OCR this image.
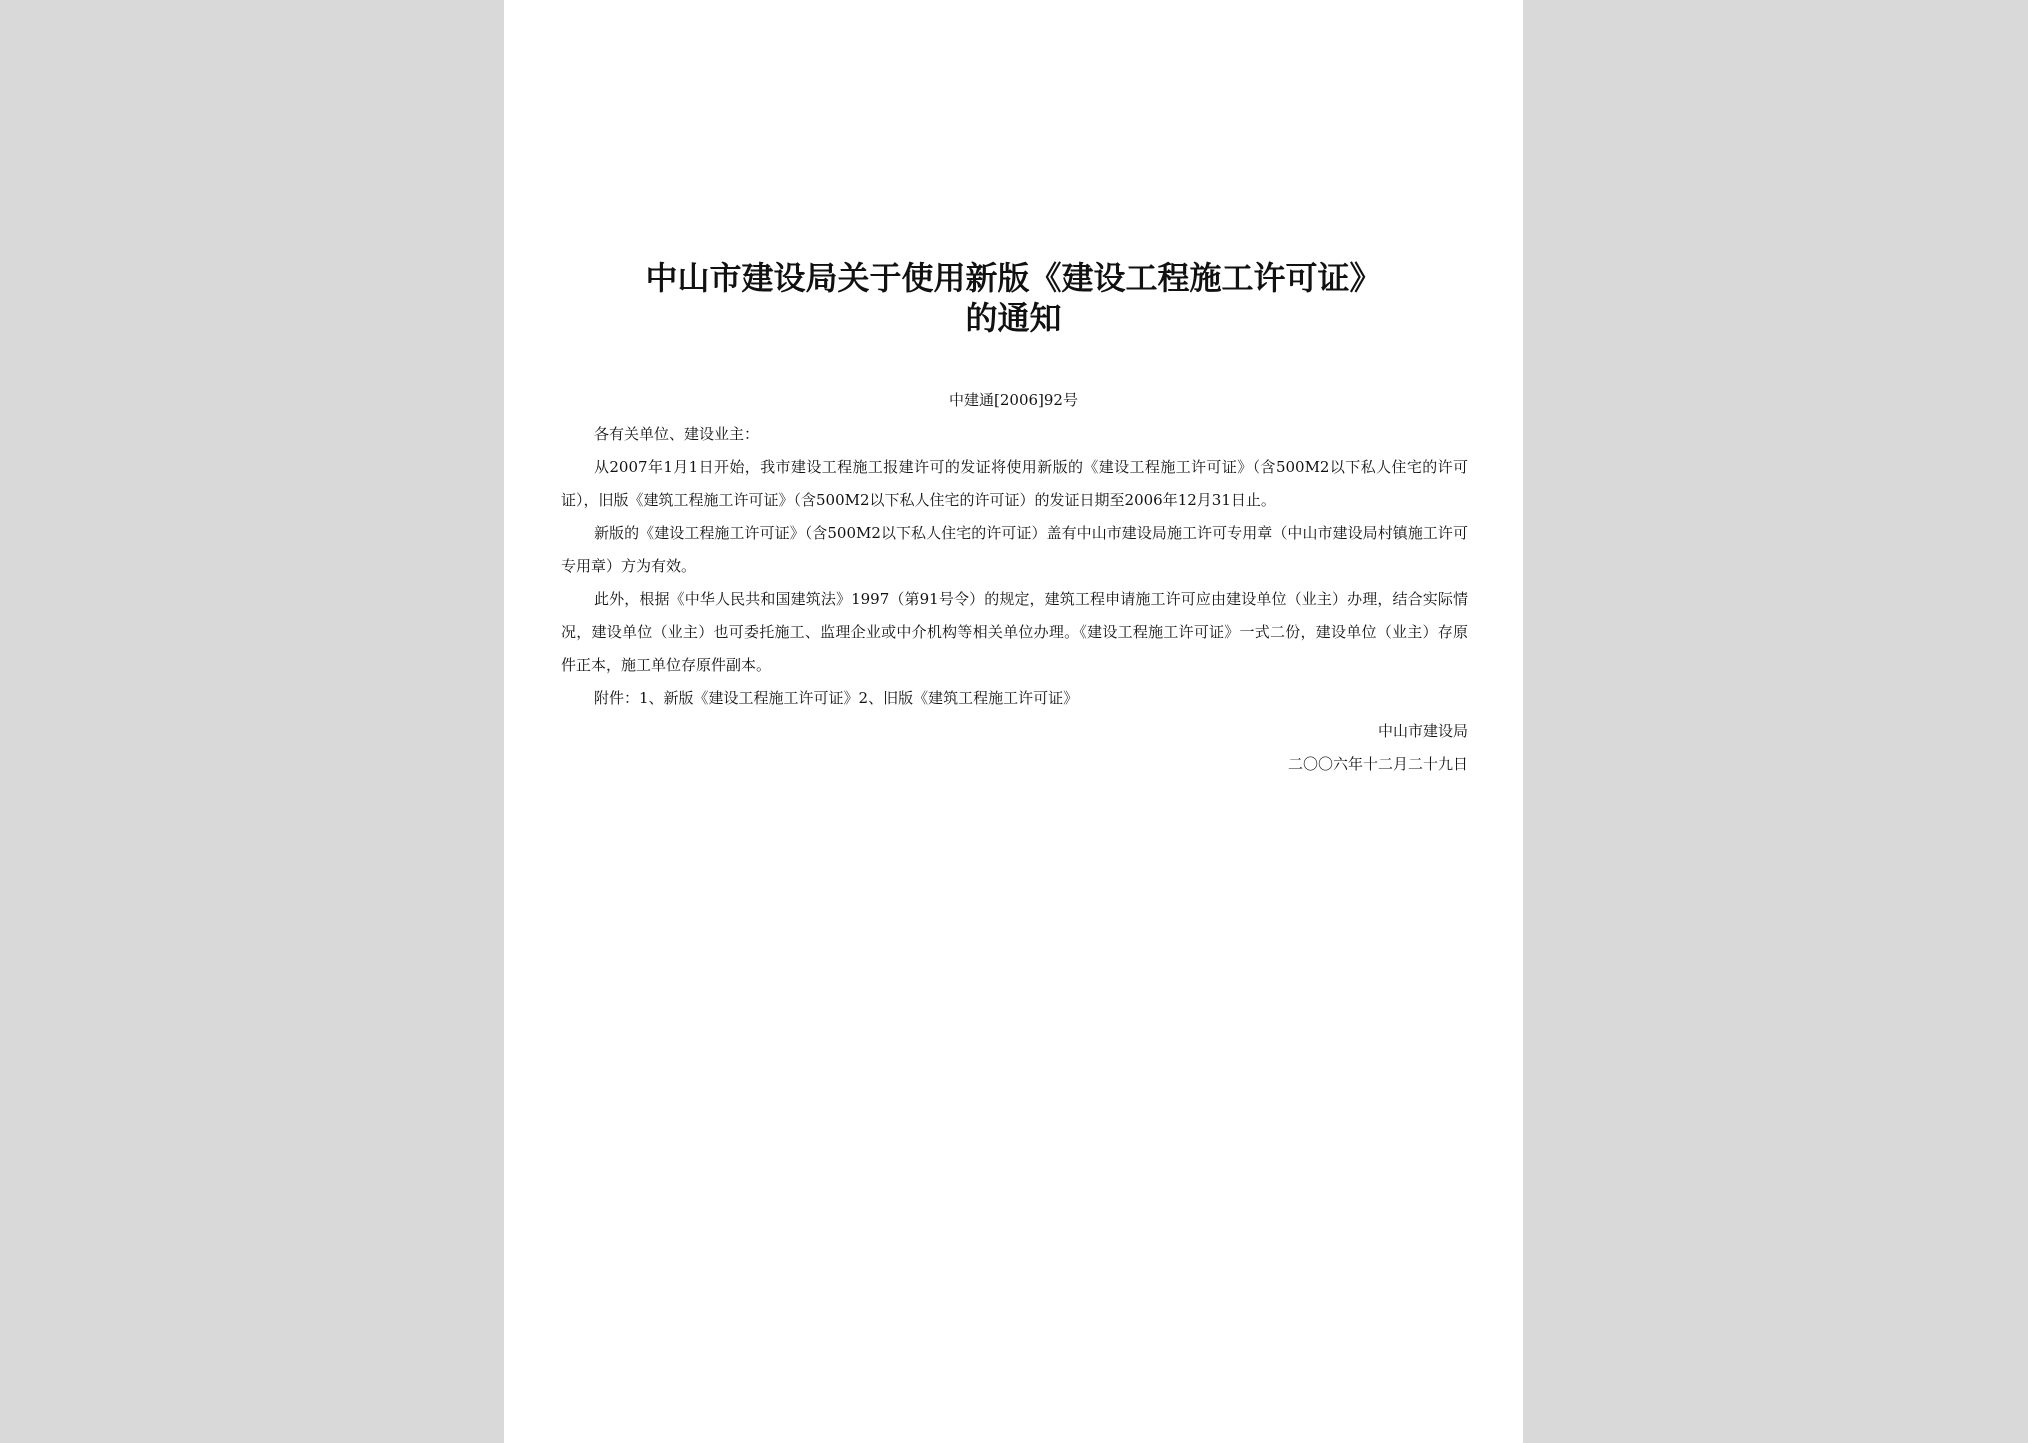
中山市建设局关于使用新版《建设工程施工许可证》
的通知
中建通[2006]92号
各有关单位、建设业主：

从2007年1月1日开始，我市建设工程施工报建许可的发证将使用新版的《建设工程施工许可证》（含500M2以下私人住宅的许可证），旧版《建筑工程施工许可证》（含500M2以下私人住宅的许可证）的发证日期至2006年12月31日止。

新版的《建设工程施工许可证》（含500M2以下私人住宅的许可证）盖有中山市建设局施工许可专用章（中山市建设局村镇施工许可专用章）方为有效。

此外，根据《中华人民共和国建筑法》1997（第91号令）的规定，建筑工程申请施工许可应由建设单位（业主）办理，结合实际情况，建设单位（业主）也可委托施工、监理企业或中介机构等相关单位办理。《建设工程施工许可证》一式二份，建设单位（业主）存原件正本，施工单位存原件副本。

附件：1、新版《建设工程施工许可证》2、旧版《建筑工程施工许可证》

中山市建设局
二〇〇六年十二月二十九日
